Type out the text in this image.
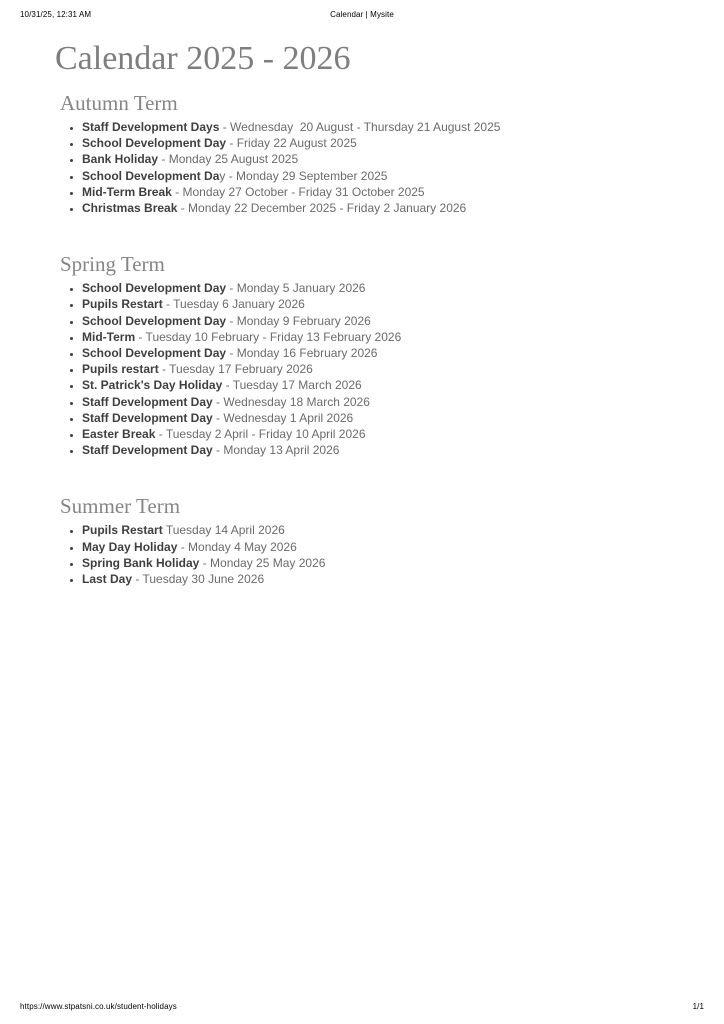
10/31/25, 12:31 AM	Calendar | Mysite
Calendar 2025 - 2026
Autumn Term
• Staff Development Days - Wednesday  20 August - Thursday 21 August 2025
• School Development Day - Friday 22 August 2025
• Bank Holiday - Monday 25 August 2025
• School Development Day - Monday 29 September 2025
• Mid-Term Break - Monday 27 October - Friday 31 October 2025
• Christmas Break - Monday 22 December 2025 - Friday 2 January 2026
Spring Term
• School Development Day - Monday 5 January 2026
• Pupils Restart - Tuesday 6 January 2026
• School Development Day - Monday 9 February 2026
• Mid-Term - Tuesday 10 February - Friday 13 February 2026
• School Development Day - Monday 16 February 2026
• Pupils restart - Tuesday 17 February 2026
• St. Patrick's Day Holiday - Tuesday 17 March 2026
• Staff Development Day - Wednesday 18 March 2026
• Staff Development Day - Wednesday 1 April 2026
• Easter Break - Tuesday 2 April - Friday 10 April 2026
• Staff Development Day - Monday 13 April 2026
Summer Term
• Pupils Restart Tuesday 14 April 2026
• May Day Holiday - Monday 4 May 2026
• Spring Bank Holiday - Monday 25 May 2026
• Last Day - Tuesday 30 June 2026
https://www.stpatsni.co.uk/student-holidays	1/1
